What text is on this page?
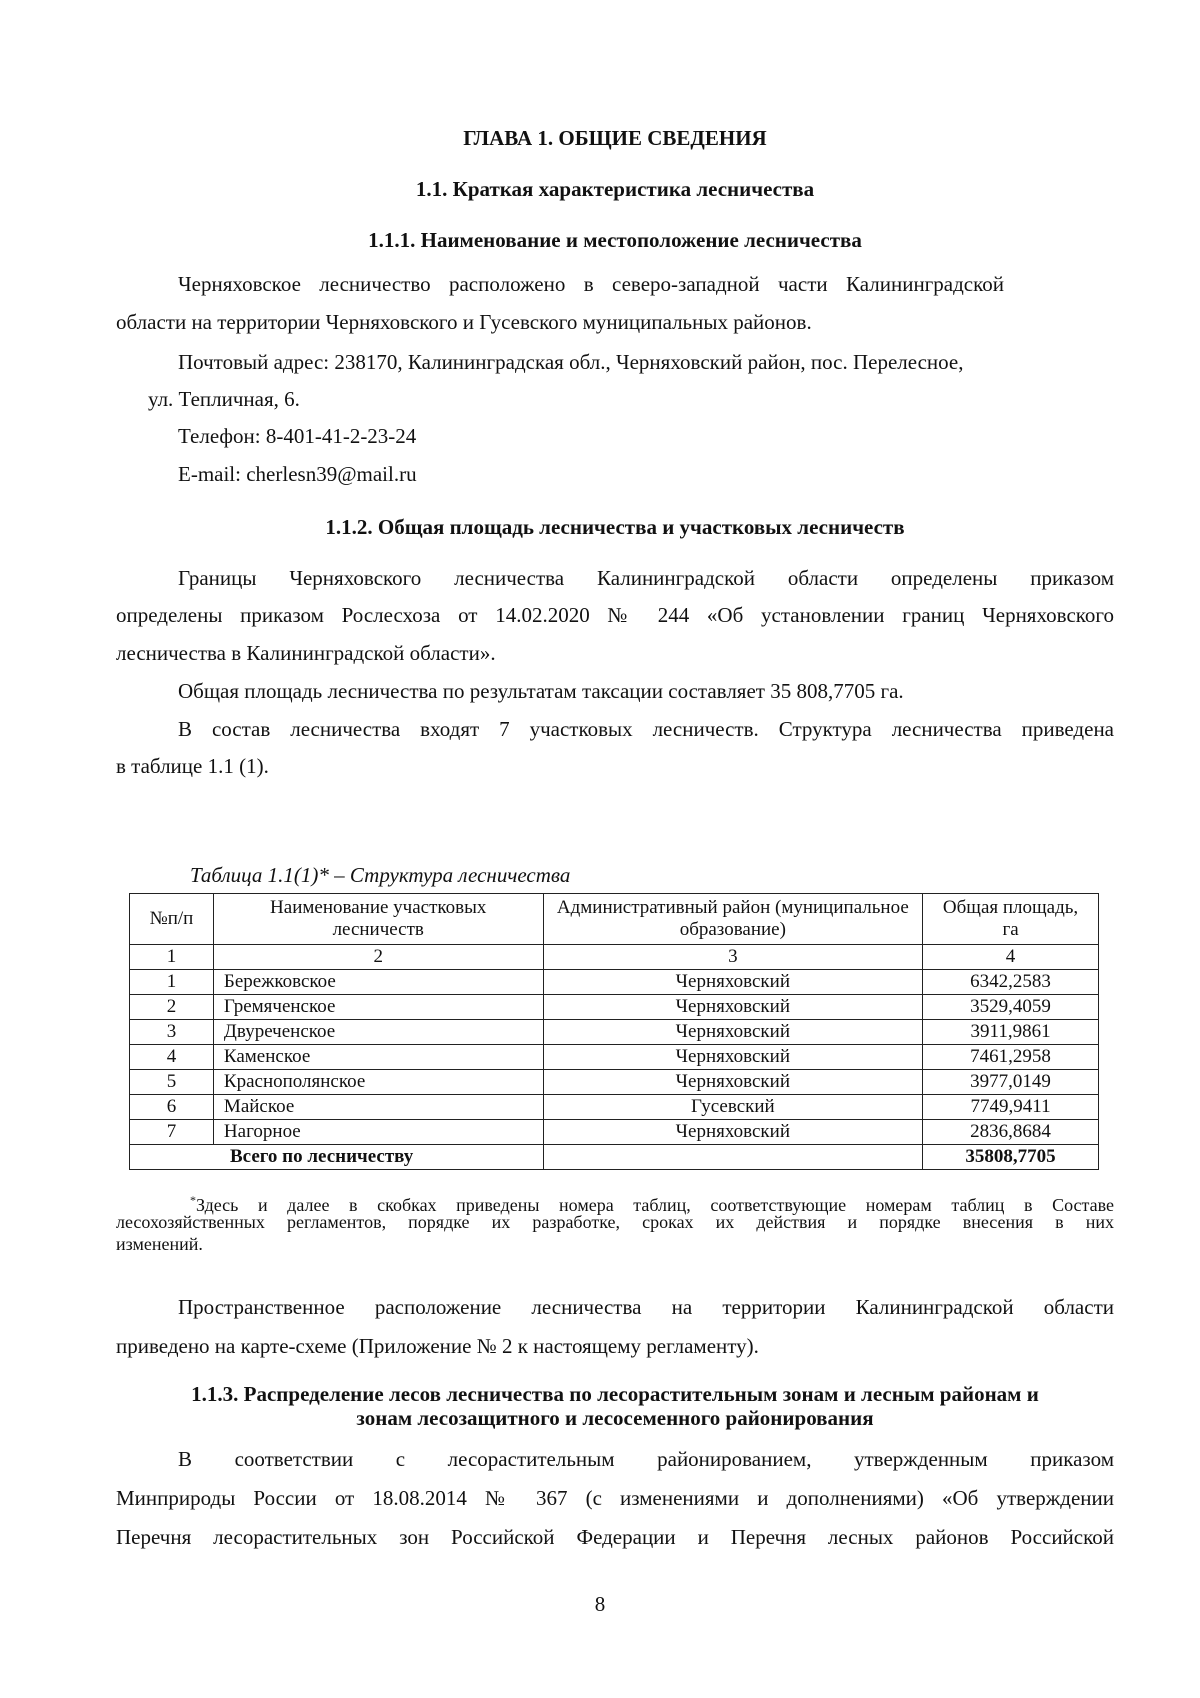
ГЛАВА 1. ОБЩИЕ СВЕДЕНИЯ
1.1. Краткая характеристика лесничества
1.1.1. Наименование и местоположение лесничества
Черняховское лесничество расположено в северо-западной части Калининградской
области на территории Черняховского и Гусевского муниципальных районов.
Почтовый адрес: 238170, Калининградская обл., Черняховский район, пос. Перелесное,
ул. Тепличная, 6.
Телефон: 8-401-41-2-23-24
E-mail: cherlesn39@mail.ru
1.1.2. Общая площадь лесничества и участковых лесничеств
Границы Черняховского лесничества Калининградской области определены приказом
определены приказом Рослесхоза от 14.02.2020 № 244 «Об установлении границ Черняховского
лесничества в Калининградской области».
Общая площадь лесничества по результатам таксации составляет 35 808,7705 га.
В состав лесничества входят 7 участковых лесничеств. Структура лесничества приведена
в таблице 1.1 (1).
Таблица 1.1(1)* – Структура лесничества
№п/п	Наименование участковых лесничеств	Административный район (муниципальное образование)	Общая площадь, га
1	2	3	4
1	Бережковское	Черняховский	6342,2583
2	Гремяченское	Черняховский	3529,4059
3	Двуреченское	Черняховский	3911,9861
4	Каменское	Черняховский	7461,2958
5	Краснополянское	Черняховский	3977,0149
6	Майское	Гусевский	7749,9411
7	Нагорное	Черняховский	2836,8684
Всего по лесничеству			35808,7705
*Здесь и далее в скобках приведены номера таблиц, соответствующие номерам таблиц в Составе
лесохозяйственных регламентов, порядке их разработке, сроках их действия и порядке внесения в них
изменений.
Пространственное расположение лесничества на территории Калининградской области
приведено на карте-схеме (Приложение № 2 к настоящему регламенту).
1.1.3. Распределение лесов лесничества по лесорастительным зонам и лесным районам и
зонам лесозащитного и лесосеменного районирования
В соответствии с лесорастительным районированием, утвержденным приказом
Минприроды России от 18.08.2014 № 367 (с изменениями и дополнениями) «Об утверждении
Перечня лесорастительных зон Российской Федерации и Перечня лесных районов Российской
8
